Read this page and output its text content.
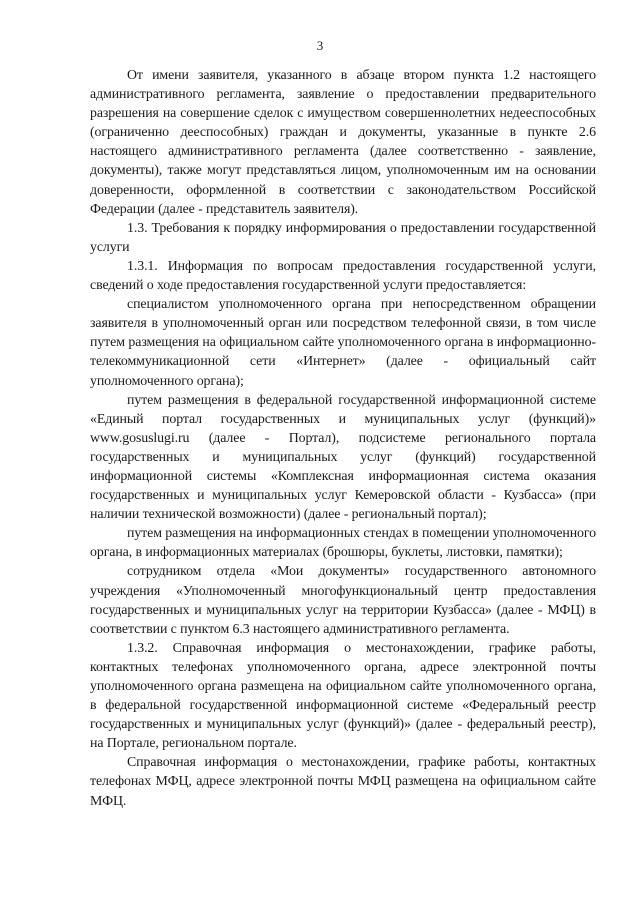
3

От имени заявителя, указанного в абзаце втором пункта 1.2 настоящего административного регламента, заявление о предоставлении предварительного разрешения на совершение сделок с имуществом совершеннолетних недееспособных (ограниченно дееспособных) граждан и документы, указанные в пункте 2.6 настоящего административного регламента (далее соответственно - заявление, документы), также могут представляться лицом, уполномоченным им на основании доверенности, оформленной в соответствии с законодательством Российской Федерации (далее - представитель заявителя).

1.3. Требования к порядку информирования о предоставлении государственной услуги

1.3.1. Информация по вопросам предоставления государственной услуги, сведений о ходе предоставления государственной услуги предоставляется:

специалистом уполномоченного органа при непосредственном обращении заявителя в уполномоченный орган или посредством телефонной связи, в том числе путем размещения на официальном сайте уполномоченного органа в информационно-телекоммуникационной сети «Интернет» (далее - официальный сайт уполномоченного органа);

путем размещения в федеральной государственной информационной системе «Единый портал государственных и муниципальных услуг (функций)» www.gosuslugi.ru (далее - Портал), подсистеме регионального портала государственных и муниципальных услуг (функций) государственной информационной системы «Комплексная информационная система оказания государственных и муниципальных услуг Кемеровской области - Кузбасса» (при наличии технической возможности) (далее - региональный портал);

путем размещения на информационных стендах в помещении уполномоченного органа, в информационных материалах (брошюры, буклеты, листовки, памятки);

сотрудником отдела «Мои документы» государственного автономного учреждения «Уполномоченный многофункциональный центр предоставления государственных и муниципальных услуг на территории Кузбасса» (далее - МФЦ) в соответствии с пунктом 6.3 настоящего административного регламента.

1.3.2. Справочная информация о местонахождении, графике работы, контактных телефонах уполномоченного органа, адресе электронной почты уполномоченного органа размещена на официальном сайте уполномоченного органа, в федеральной государственной информационной системе «Федеральный реестр государственных и муниципальных услуг (функций)» (далее - федеральный реестр), на Портале, региональном портале.

Справочная информация о местонахождении, графике работы, контактных телефонах МФЦ, адресе электронной почты МФЦ размещена на официальном сайте МФЦ.
